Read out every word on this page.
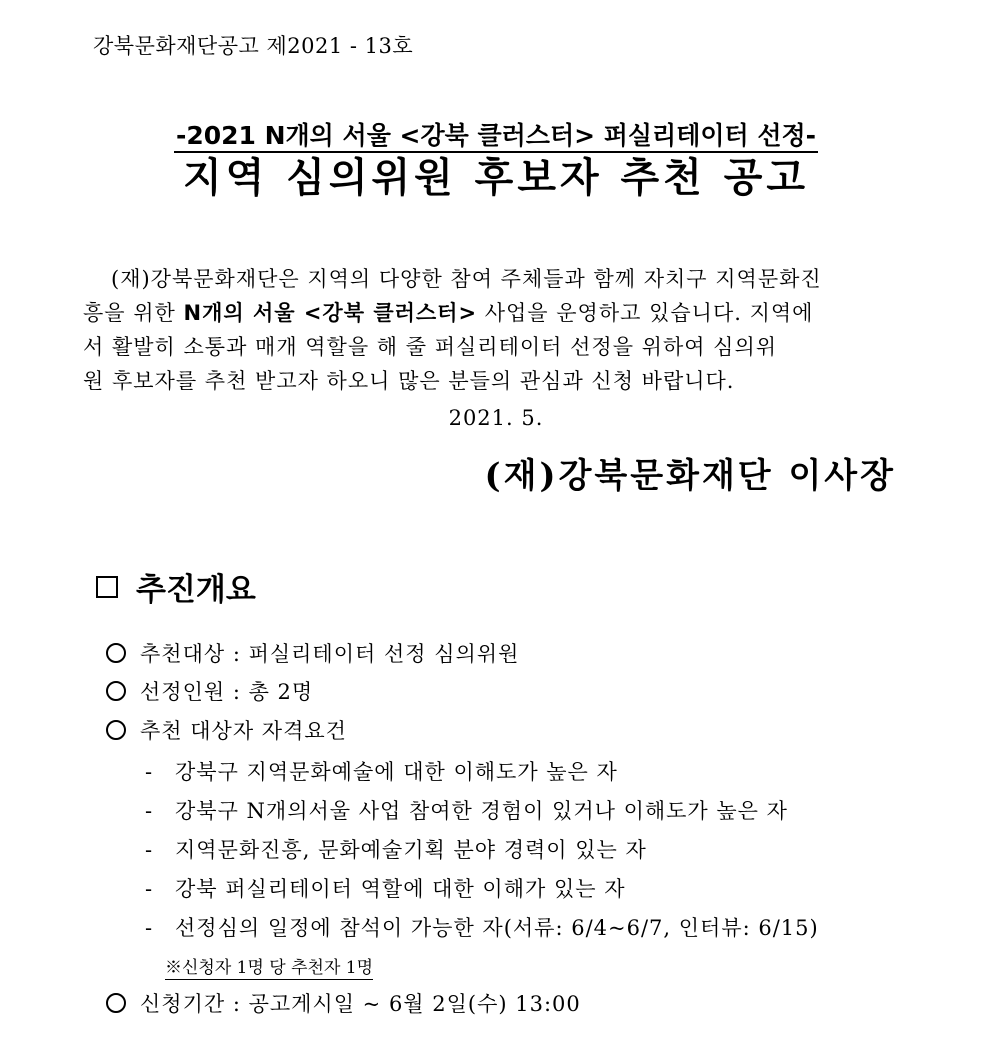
강북문화재단공고 제2021 - 13호
-2021 N개의 서울 <강북 클러스터> 퍼실리테이터 선정-
지역 심의위원 후보자 추천 공고
(재)강북문화재단은 지역의 다양한 참여 주체들과 함께 자치구 지역문화진
흥을 위한 N개의 서울 <강북 클러스터> 사업을 운영하고 있습니다. 지역에
서 활발히 소통과 매개 역할을 해 줄 퍼실리테이터 선정을 위하여 심의위
원 후보자를 추천 받고자 하오니 많은 분들의 관심과 신청 바랍니다.
2021. 5.
(재)강북문화재단 이사장
추진개요
추천대상 : 퍼실리테이터 선정 심의위원
선정인원 : 총 2명
추천 대상자 자격요건
- 강북구 지역문화예술에 대한 이해도가 높은 자
- 강북구 N개의서울 사업 참여한 경험이 있거나 이해도가 높은 자
- 지역문화진흥, 문화예술기획 분야 경력이 있는 자
- 강북 퍼실리테이터 역할에 대한 이해가 있는 자
- 선정심의 일정에 참석이 가능한 자(서류: 6/4~6/7, 인터뷰: 6/15)
※신청자 1명 당 추천자 1명
신청기간 : 공고게시일 ~ 6월 2일(수) 13:00
